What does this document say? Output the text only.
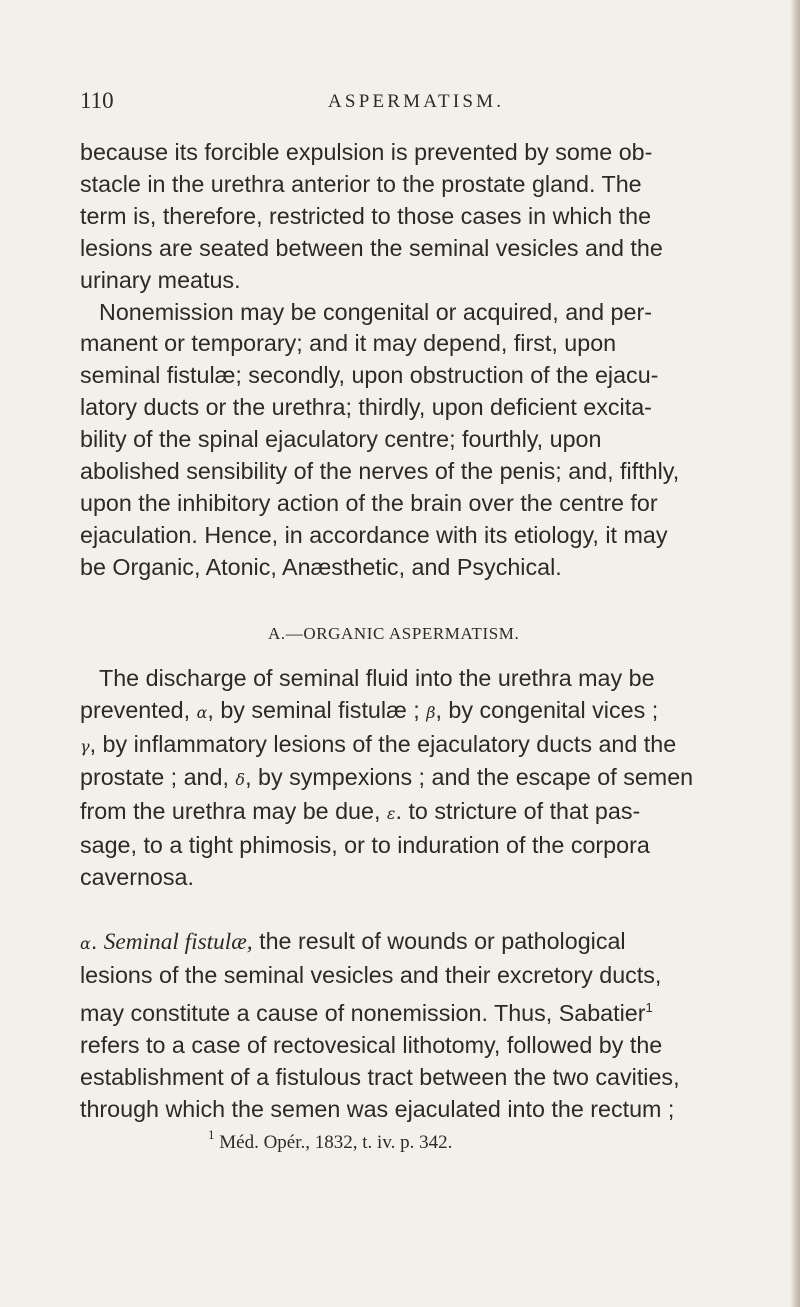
110	ASPERMATISM.

because its forcible expulsion is prevented by some ob-
stacle in the urethra anterior to the prostate gland. The
term is, therefore, restricted to those cases in which the
lesions are seated between the seminal vesicles and the
urinary meatus.

Nonemission may be congenital or acquired, and per-
manent or temporary; and it may depend, first, upon
seminal fistulæ; secondly, upon obstruction of the ejacu-
latory ducts or the urethra; thirdly, upon deficient excita-
bility of the spinal ejaculatory centre; fourthly, upon
abolished sensibility of the nerves of the penis; and, fifthly,
upon the inhibitory action of the brain over the centre for
ejaculation. Hence, in accordance with its etiology, it may
be Organic, Atonic, Anæsthetic, and Psychical.

A.—ORGANIC ASPERMATISM.

The discharge of seminal fluid into the urethra may be
prevented, α, by seminal fistulæ ; β, by congenital vices ;
γ, by inflammatory lesions of the ejaculatory ducts and the
prostate ; and, δ, by sympexions ; and the escape of semen
from the urethra may be due, ε. to stricture of that pas-
sage, to a tight phimosis, or to induration of the corpora
cavernosa.

α. Seminal fistulæ, the result of wounds or pathological
lesions of the seminal vesicles and their excretory ducts,
may constitute a cause of nonemission. Thus, Sabatier$^1$
refers to a case of rectovesical lithotomy, followed by the
establishment of a fistulous tract between the two cavities,
through which the semen was ejaculated into the rectum ;

$^1$ Méd. Opér., 1832, t. iv. p. 342.
